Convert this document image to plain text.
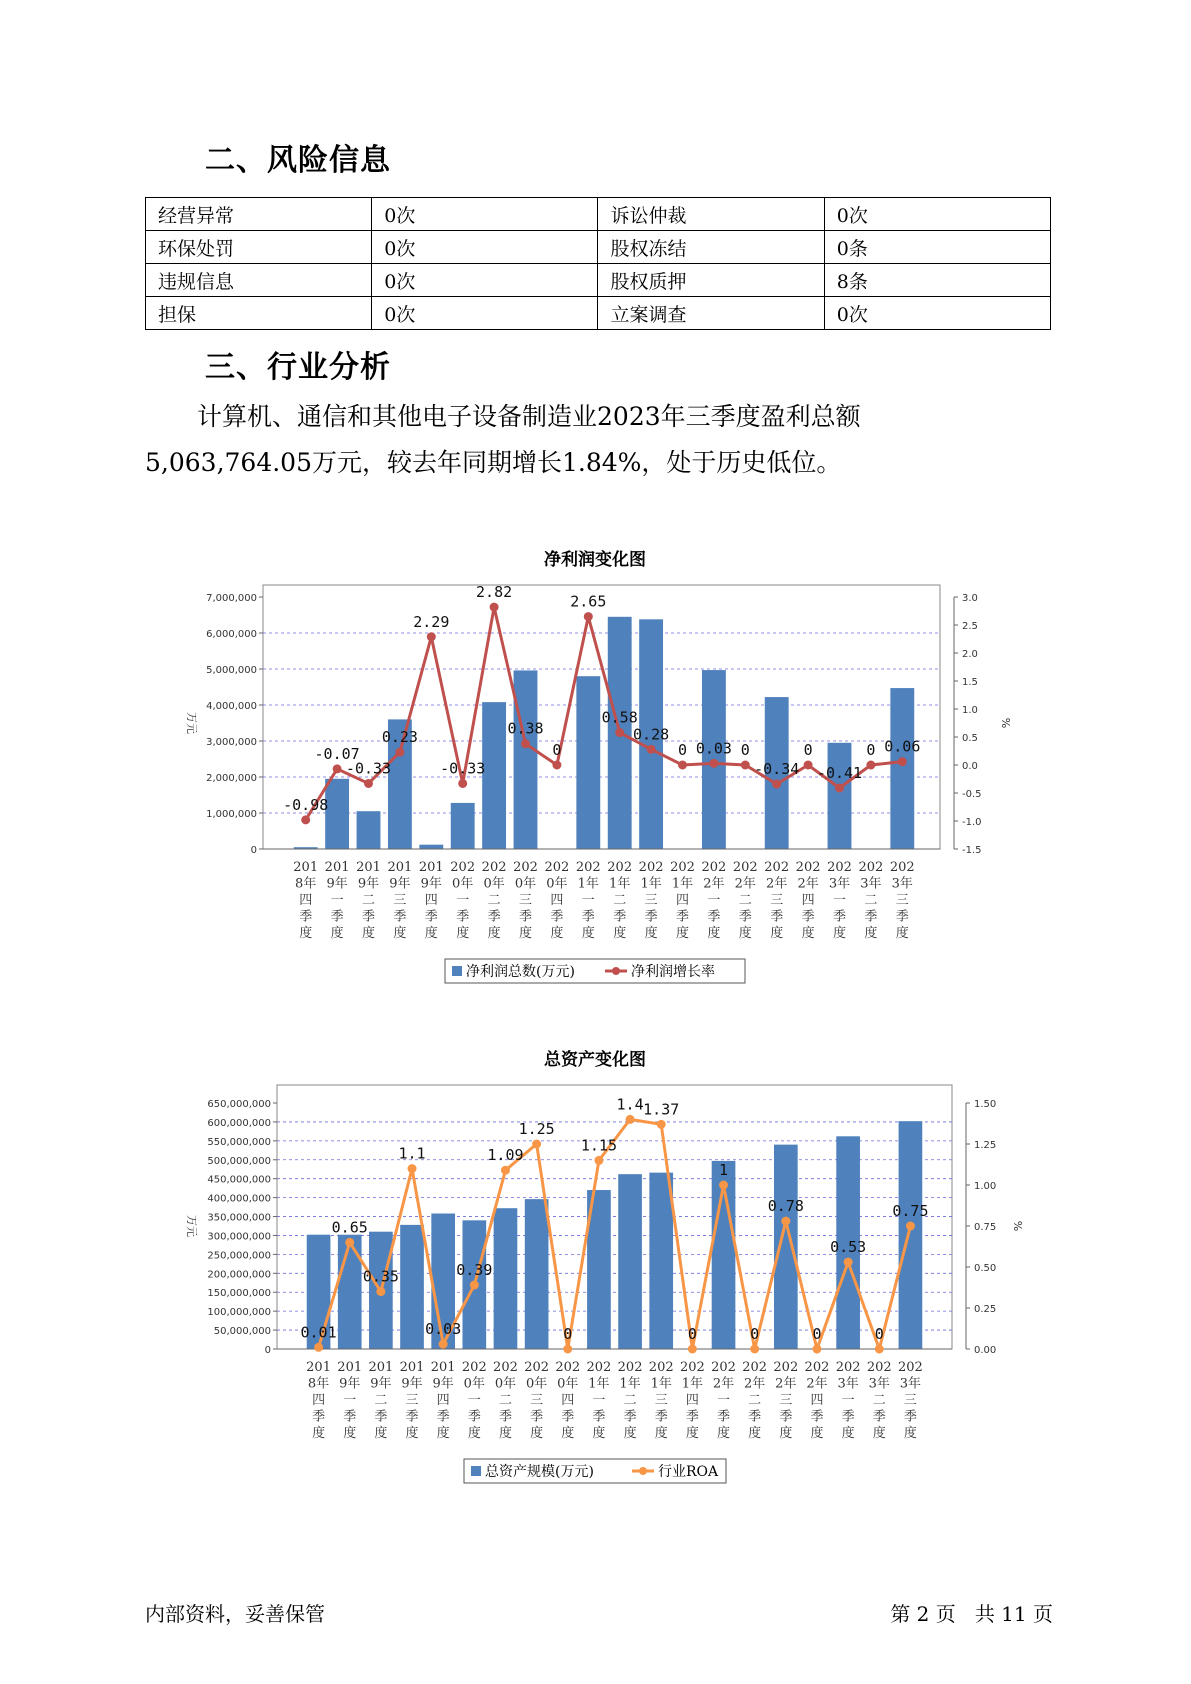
二、风险信息
经营异常	0次	诉讼仲裁	0次
环保处罚	0次	股权冻结	0条
违规信息	0次	股权质押	8条
担保	0次	立案调查	0次
三、行业分析

计算机、通信和其他电子设备制造业2023年三季度盈利总额
5,063,764.05万元，较去年同期增长1.84%，处于历史低位。

净利润变化图
7,000,000
6,000,000
5,000,000
4,000,000
3,000,000
2,000,000
1,000,000
0
万元
3.0
2.5
2.0
1.5
1.0
0.5
0.0
-0.5
-1.0
-1.5
%
201 8年四季度
201 9年一季度
201 9年二季度
201 9年三季度
201 9年四季度
202 0年一季度
202 0年二季度
202 0年三季度
202 0年四季度
202 1年一季度
202 1年二季度
202 1年三季度
202 1年四季度
202 2年一季度
202 2年二季度
202 2年三季度
202 2年四季度
202 3年一季度
202 3年二季度
202 3年三季度
-0.98
-0.07
-0.33
0.23
2.29
-0.33
2.82
0.38
0
2.65
0.58
0.28
0 0.03 0
-0.34
0
-0.41
0 0.06
净利润总数(万元)	净利润增长率
总资产变化图
650,000,000
600,000,000
550,000,000
500,000,000
450,000,000
400,000,000
350,000,000
300,000,000
250,000,000
200,000,000
150,000,000
100,000,000
50,000,000
0
万元
1.50
1.25
1.00
0.75
0.50
0.25
0.00
%
201 8年四季度
201 9年一季度
201 9年二季度
201 9年三季度
201 9年四季度
202 0年一季度
202 0年二季度
202 0年三季度
202 0年四季度
202 1年一季度
202 1年二季度
202 1年三季度
202 1年四季度
202 2年一季度
202 2年二季度
202 2年三季度
202 2年四季度
202 3年一季度
202 3年二季度
202 3年三季度
0.01
0.65
0.35
1.1
0.03
0.39
1.09
1.25
0
1.15
1.4 1.37
0
1
0
0.78
0
0.53
0
0.75
总资产规模(万元)	行业ROA
内部资料，妥善保管	第 2 页   共 11 页
